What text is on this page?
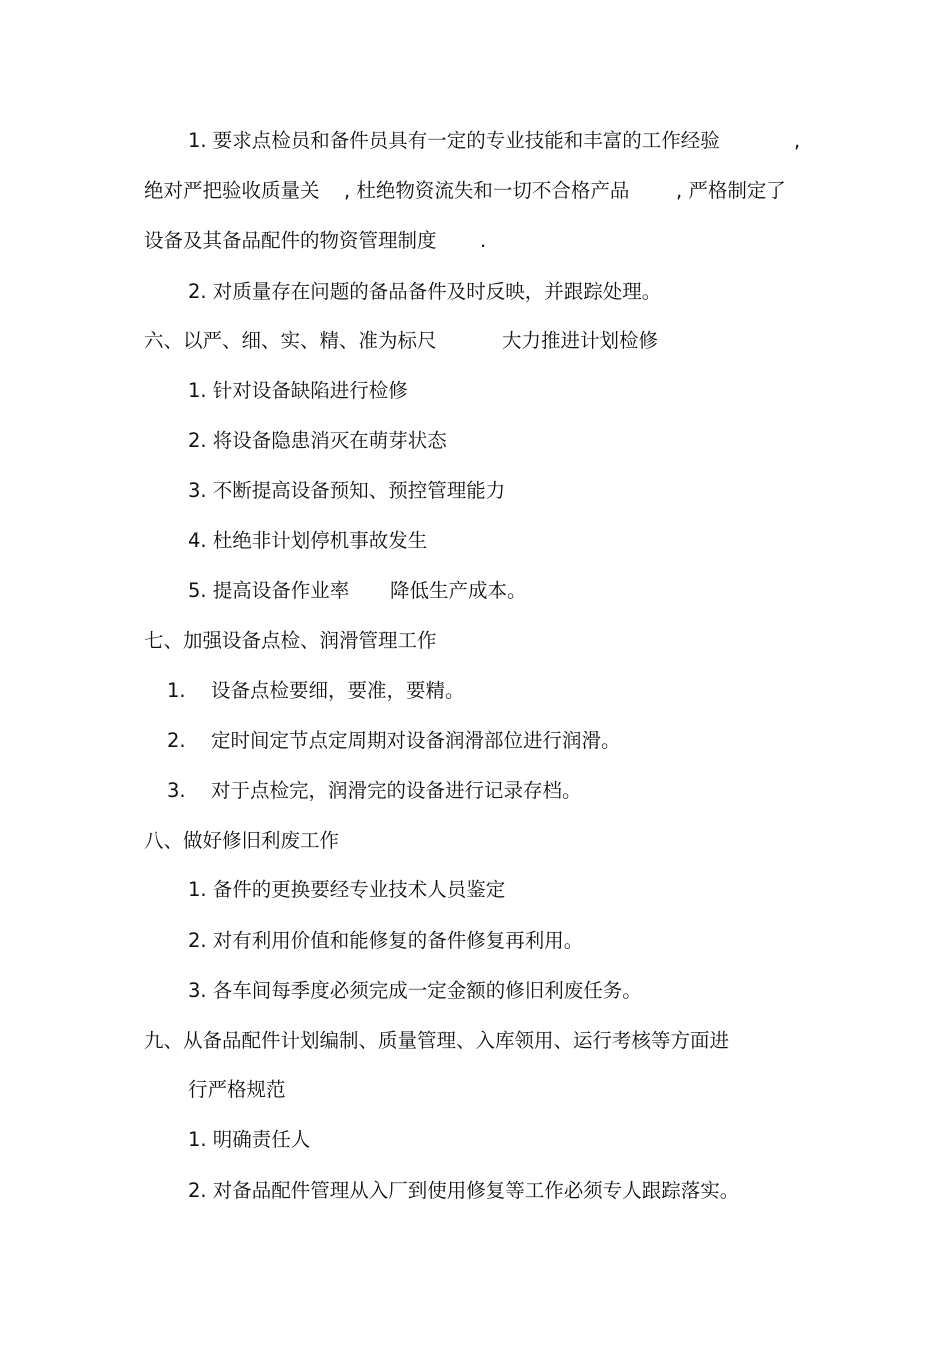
1. 要求点检员和备件员具有一定的专业技能和丰富的工作经验	,
绝对严把验收质量关 , 杜绝物资流失和一切不合格产品 , 严格制定了
设备及其备品配件的物资管理制度 .
2. 对质量存在问题的备品备件及时反映，并跟踪处理。
六、以严、细、实、精、准为标尺	大力推进计划检修
1. 针对设备缺陷进行检修
2. 将设备隐患消灭在萌芽状态
3. 不断提高设备预知、预控管理能力
4. 杜绝非计划停机事故发生
5. 提高设备作业率 降低生产成本。
七、加强设备点检、润滑管理工作
1. 设备点检要细，要准，要精。
2. 定时间定节点定周期对设备润滑部位进行润滑。
3. 对于点检完，润滑完的设备进行记录存档。
八、做好修旧利废工作
1. 备件的更换要经专业技术人员鉴定
2. 对有利用价值和能修复的备件修复再利用。
3. 各车间每季度必须完成一定金额的修旧利废任务。
九、从备品配件计划编制、质量管理、入库领用、运行考核等方面进
行严格规范
1. 明确责任人
2. 对备品配件管理从入厂到使用修复等工作必须专人跟踪落实。
